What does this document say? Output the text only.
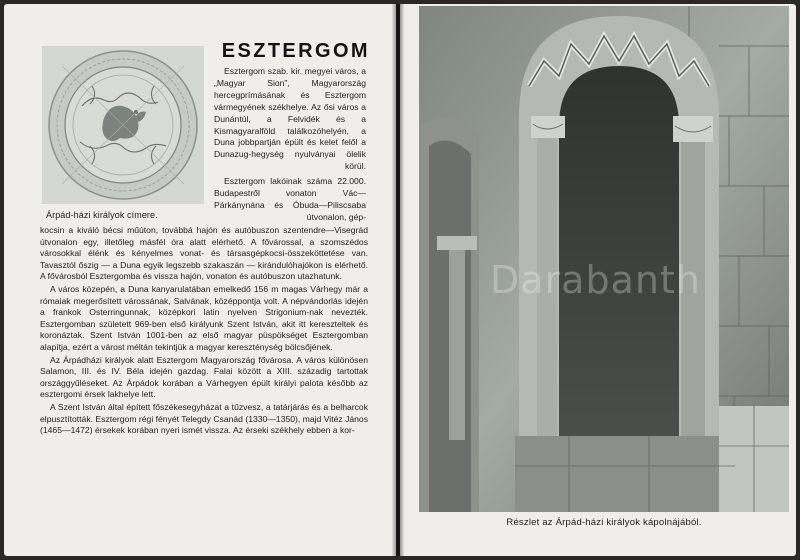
Árpád-házi királyok címere.
ESZTERGOM

Esztergom szab. kir. megyei város, a „Magyar Sion", Magyarország hercegprímásának és Esztergom vármegyének székhelye. Az ősi város a Dunántúl, a Felvidék és a Kismagyaralföld találkozóhelyén, a Duna jobbpartján épült és kelet felől a Dunazug-hegység nyulványai ölelik körül.

Esztergom lakóinak száma 22.000. Budapestről vonaton Vác—Párkánynána és Óbuda—Piliscsaba útvonalon, gép-

kocsin a kiváló bécsi műúton, továbbá hajón és autóbuszon szentendre—Visegrád útvonalon egy, illetőleg másfél óra alatt elérhető. A fővárossal, a szomszédos városokkal élénk és kényelmes vonat- és társasgépkocsi-összeköttetése van. Tavasztól őszig — a Duna egyik legszebb szakaszán — kirándulóhajókon is elérhető. A fővárosból Esztergomba és vissza hajón, vonaton és autóbuszon utazhatunk.

A város közepén, a Duna kanyarulatában emelkedő 156 m magas Várhegy már a rómaiak megerősített várossának, Salvának, középpontja volt. A népvándorlás idején a frankok Osterringunnak, középkori latin nyelven Strigonium-nak nevezték. Esztergomban született 969-ben első királyunk Szent István, akit itt kereszteltek és koronáztak. Szent István 1001-ben az első magyar püspökséget Esztergomban alapítja, ezért a várost méltán tekintjük a magyar kereszténység bölcsőjének.

Az Árpádházi királyok alatt Esztergom Magyarország fővárosa. A város különösen Salamon, III. és IV. Béla idején gazdag. Falai között a XIII. századig tartottak országgyűléseket. Az Árpádok korában a Várhegyen épült királyi palota később az esztergomi érsek lakhelye lett.

A Szent István által épített főszékesegyházat a tűzvesz, a tatárjárás és a belharcok elpusztították. Esztergom régi fényét Telegdy Csanád (1330—1350), majd Vitéz János (1465—1472) érsekek korában nyeri ismét vissza. Az érseki székhely ebben a kor-

Darabanth
Részlet az Árpád-házi királyok kápolnájából.
